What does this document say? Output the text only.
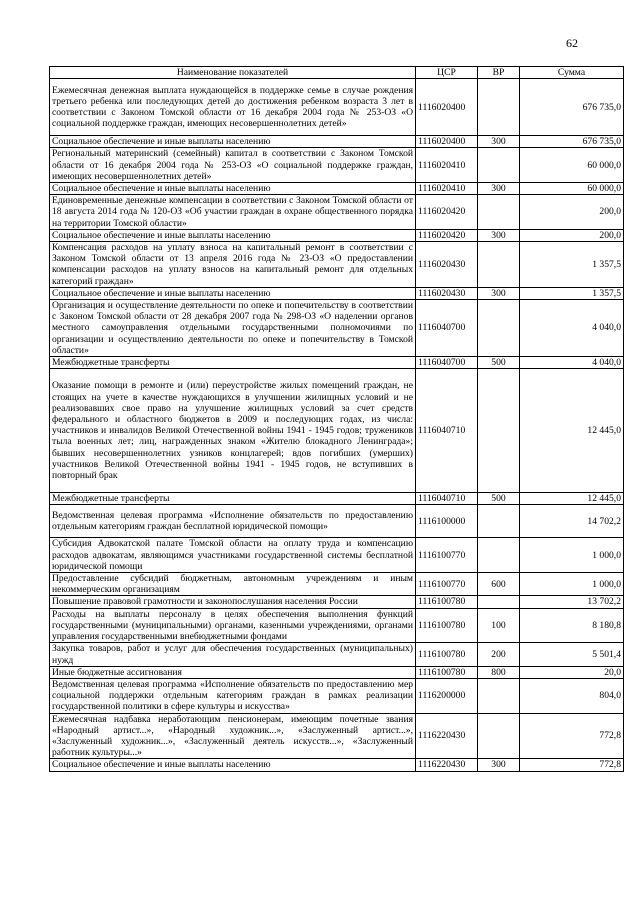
62
Наименование показателей	ЦСР	ВР	Сумма
Ежемесячная денежная выплата нуждающейся в поддержке семье в случае рождения третьего ребенка или последующих детей до достижения ребенком возраста 3 лет в соответствии с Законом Томской области от 16 декабря 2004 года № 253-ОЗ «О социальной поддержке граждан, имеющих несовершеннолетних детей»	1116020400		676 735,0
Социальное обеспечение и иные выплаты населению	1116020400	300	676 735,0
Региональный материнский (семейный) капитал в соответствии с Законом Томской области от 16 декабря 2004 года № 253-ОЗ «О социальной поддержке граждан, имеющих несовершеннолетних детей»	1116020410		60 000,0
Социальное обеспечение и иные выплаты населению	1116020410	300	60 000,0
Единовременные денежные компенсации в соответствии с Законом Томской области от 18 августа 2014 года № 120-ОЗ «Об участии граждан в охране общественного порядка на территории Томской области»	1116020420		200,0
Социальное обеспечение и иные выплаты населению	1116020420	300	200,0
Компенсация расходов на уплату взноса на капитальный ремонт в соответствии с Законом Томской области от 13 апреля 2016 года № 23-ОЗ «О предоставлении компенсации расходов на уплату взносов на капитальный ремонт для отдельных категорий граждан»	1116020430		1 357,5
Социальное обеспечение и иные выплаты населению	1116020430	300	1 357,5
Организация и осуществление деятельности по опеке и попечительству в соответствии с Законом Томской области от 28 декабря 2007 года № 298-ОЗ «О наделении органов местного самоуправления отдельными государственными полномочиями по организации и осуществлению деятельности по опеке и попечительству в Томской области»	1116040700		4 040,0
Межбюджетные трансферты	1116040700	500	4 040,0
Оказание помощи в ремонте и (или) переустройстве жилых помещений граждан, не стоящих на учете в качестве нуждающихся в улучшении жилищных условий и не реализовавших свое право на улучшение жилищных условий за счет средств федерального и областного бюджетов в 2009 и последующих годах, из числа: участников и инвалидов Великой Отечественной войны 1941 - 1945 годов; тружеников тыла военных лет; лиц, награжденных знаком «Жителю блокадного Ленинграда»; бывших несовершеннолетних узников концлагерей; вдов погибших (умерших) участников Великой Отечественной войны 1941 - 1945 годов, не вступивших в повторный брак	1116040710		12 445,0
Межбюджетные трансферты	1116040710	500	12 445,0
Ведомственная целевая программа «Исполнение обязательств по предоставлению отдельным категориям граждан бесплатной юридической помощи»	1116100000		14 702,2
Субсидия Адвокатской палате Томской области на оплату труда и компенсацию расходов адвокатам, являющимся участниками государственной системы бесплатной юридической помощи	1116100770		1 000,0
Предоставление субсидий бюджетным, автономным учреждениям и иным некоммерческим организациям	1116100770	600	1 000,0
Повышение правовой грамотности и законопослушания населения России	1116100780		13 702,2
Расходы на выплаты персоналу в целях обеспечения выполнения функций государственными (муниципальными) органами, казенными учреждениями, органами управления государственными внебюджетными фондами	1116100780	100	8 180,8
Закупка товаров, работ и услуг для обеспечения государственных (муниципальных) нужд	1116100780	200	5 501,4
Иные бюджетные ассигнования	1116100780	800	20,0
Ведомственная целевая программа «Исполнение обязательств по предоставлению мер социальной поддержки отдельным категориям граждан в рамках реализации государственной политики в сфере культуры и искусства»	1116200000		804,0
Ежемесячная надбавка неработающим пенсионерам, имеющим почетные звания «Народный артист...», «Народный художник...», «Заслуженный артист...», «Заслуженный художник...», «Заслуженный деятель искусств...», «Заслуженный работник культуры...»	1116220430		772,8
Социальное обеспечение и иные выплаты населению	1116220430	300	772,8
